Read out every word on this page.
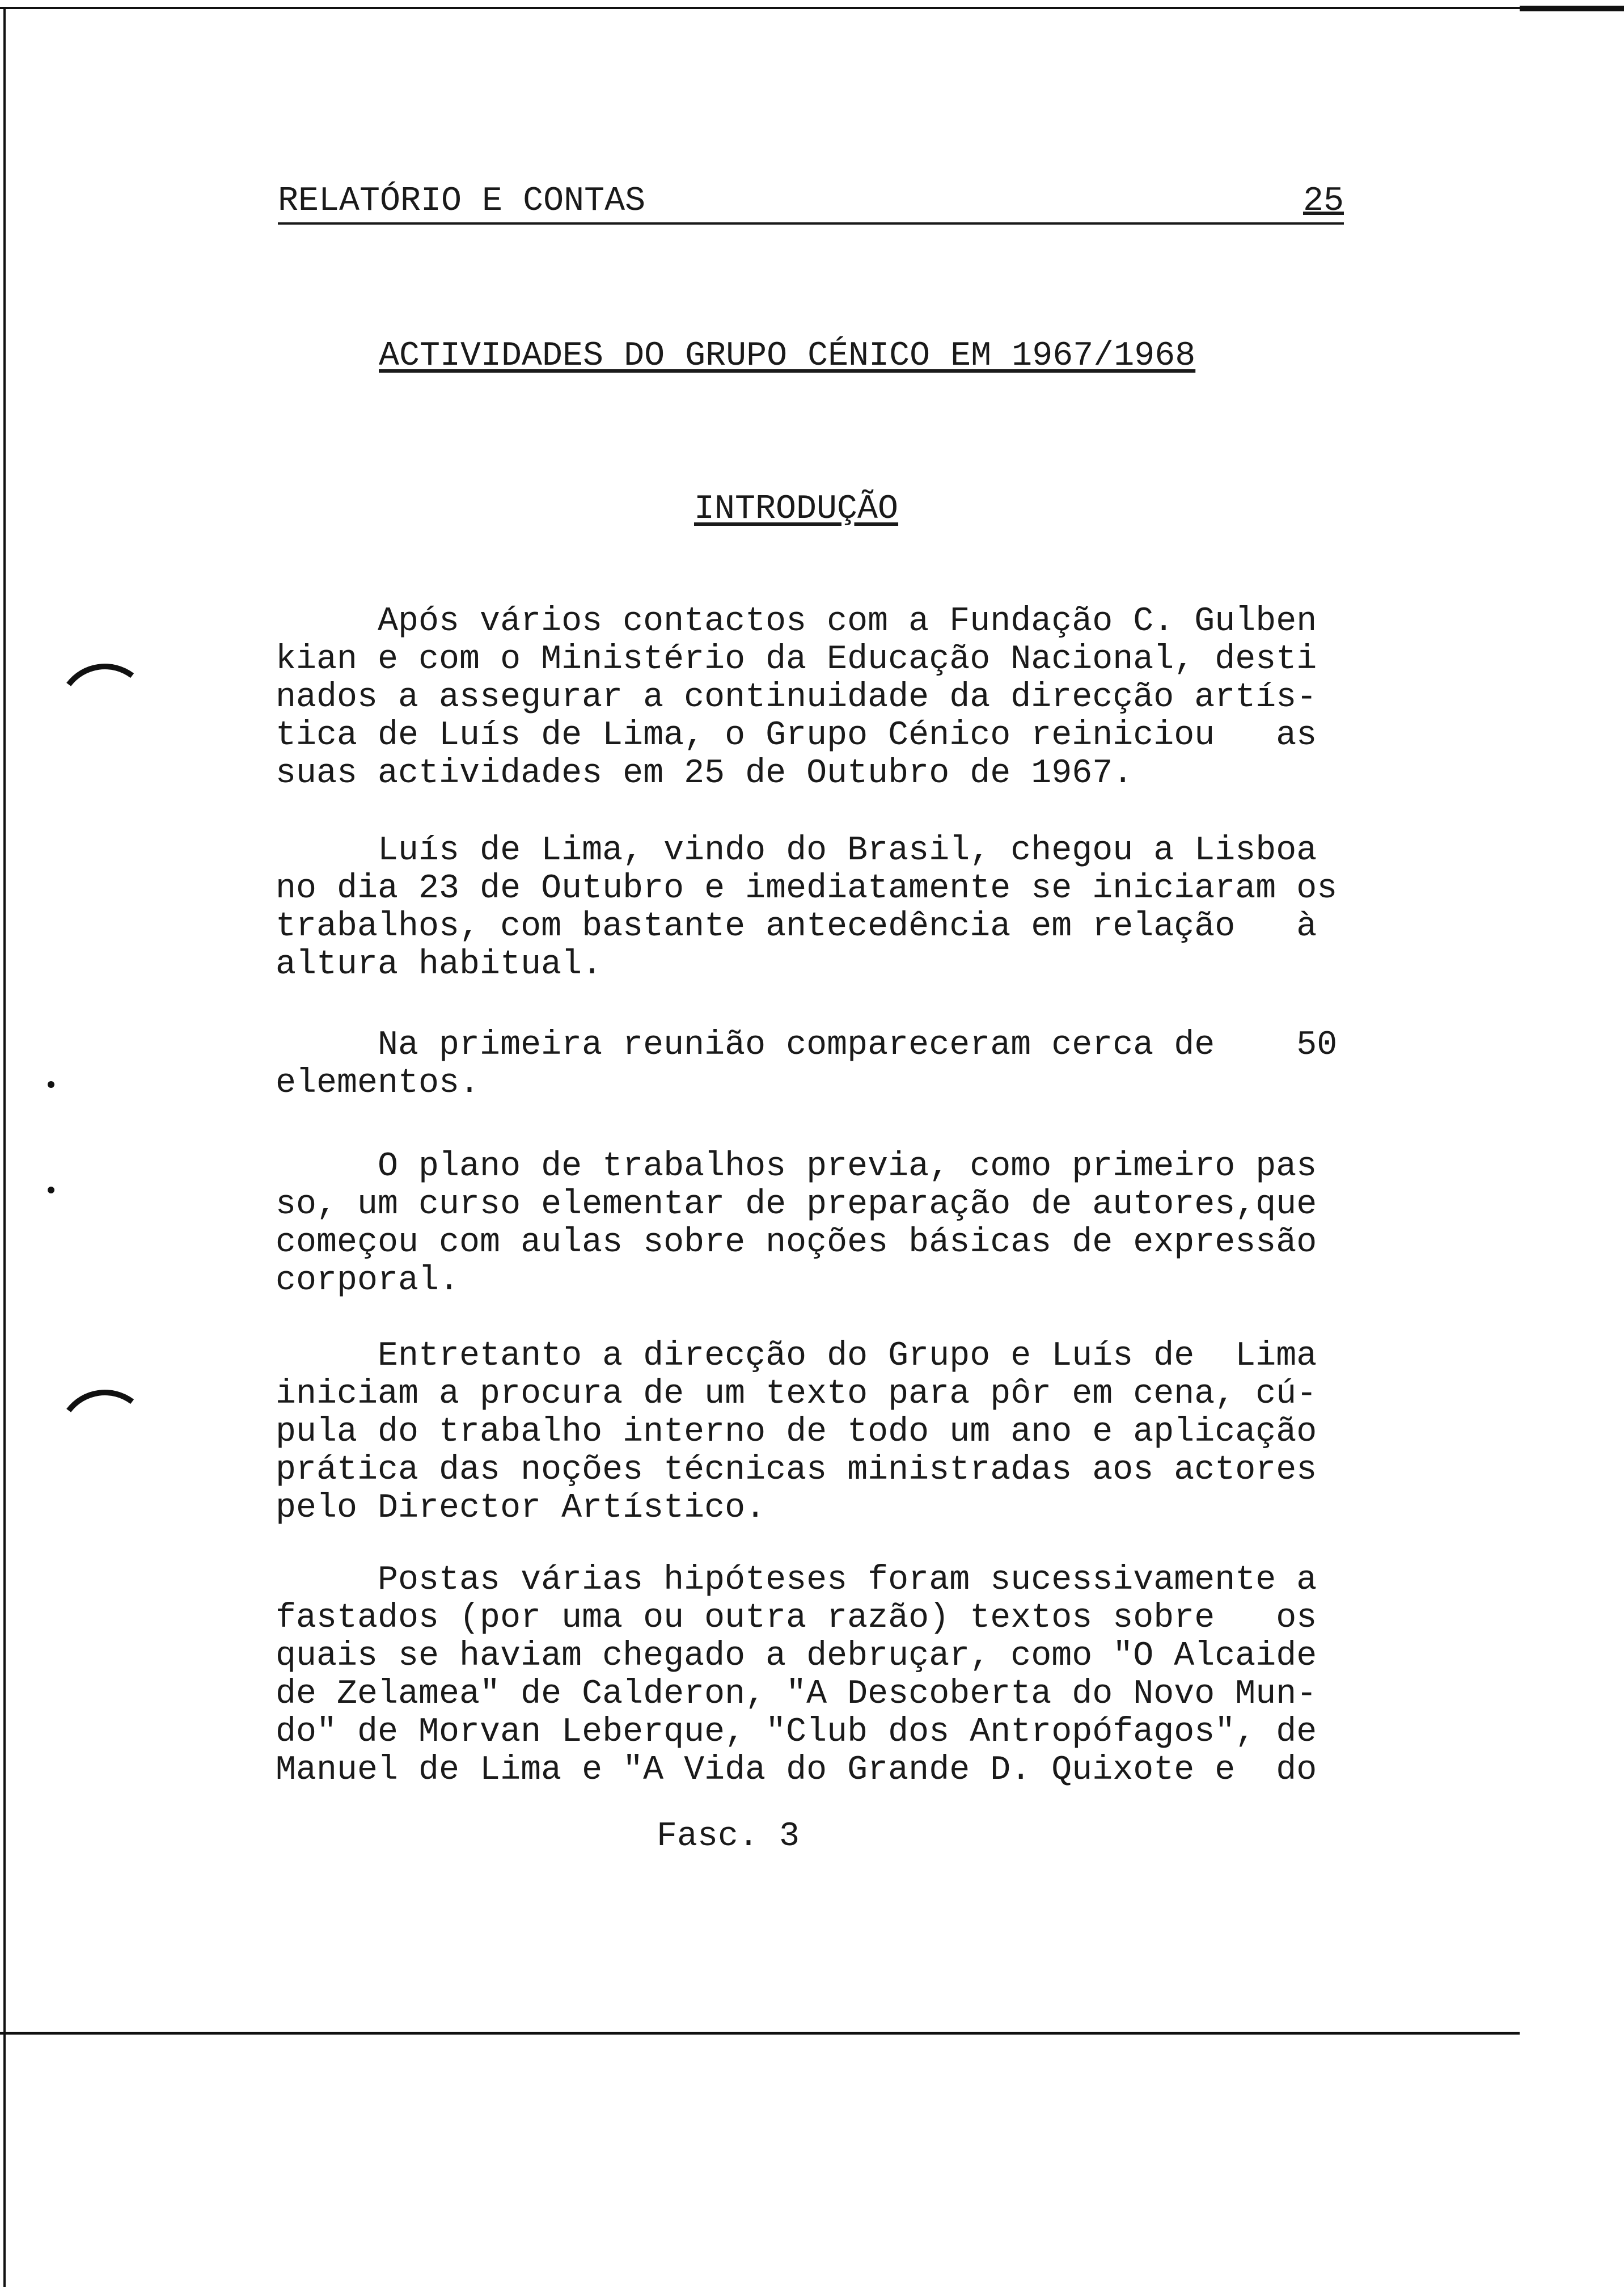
RELATÓRIO E CONTAS	25
ACTIVIDADES DO GRUPO CÉNICO EM 1967/1968
INTRODUÇÃO
Após vários contactos com a Fundação C. Gulben
kian e com o Ministério da Educação Nacional, desti
nados a assegurar a continuidade da direcção artís-
tica de Luís de Lima, o Grupo Cénico reiniciou   as
suas actividades em 25 de Outubro de 1967.
Luís de Lima, vindo do Brasil, chegou a Lisboa
no dia 23 de Outubro e imediatamente se iniciaram os
trabalhos, com bastante antecedência em relação   à
altura habitual.
Na primeira reunião compareceram cerca de    50
elementos.
O plano de trabalhos previa, como primeiro pas
so, um curso elementar de preparação de autores,que
começou com aulas sobre noções básicas de expressão
corporal.
Entretanto a direcção do Grupo e Luís de  Lima
iniciam a procura de um texto para pôr em cena, cú-
pula do trabalho interno de todo um ano e aplicação
prática das noções técnicas ministradas aos actores
pelo Director Artístico.
Postas várias hipóteses foram sucessivamente a
fastados (por uma ou outra razão) textos sobre   os
quais se haviam chegado a debruçar, como "O Alcaide
de Zelamea" de Calderon, "A Descoberta do Novo Mun-
do" de Morvan Leberque, "Club dos Antropófagos", de
Manuel de Lima e "A Vida do Grande D. Quixote e  do
Fasc. 3
